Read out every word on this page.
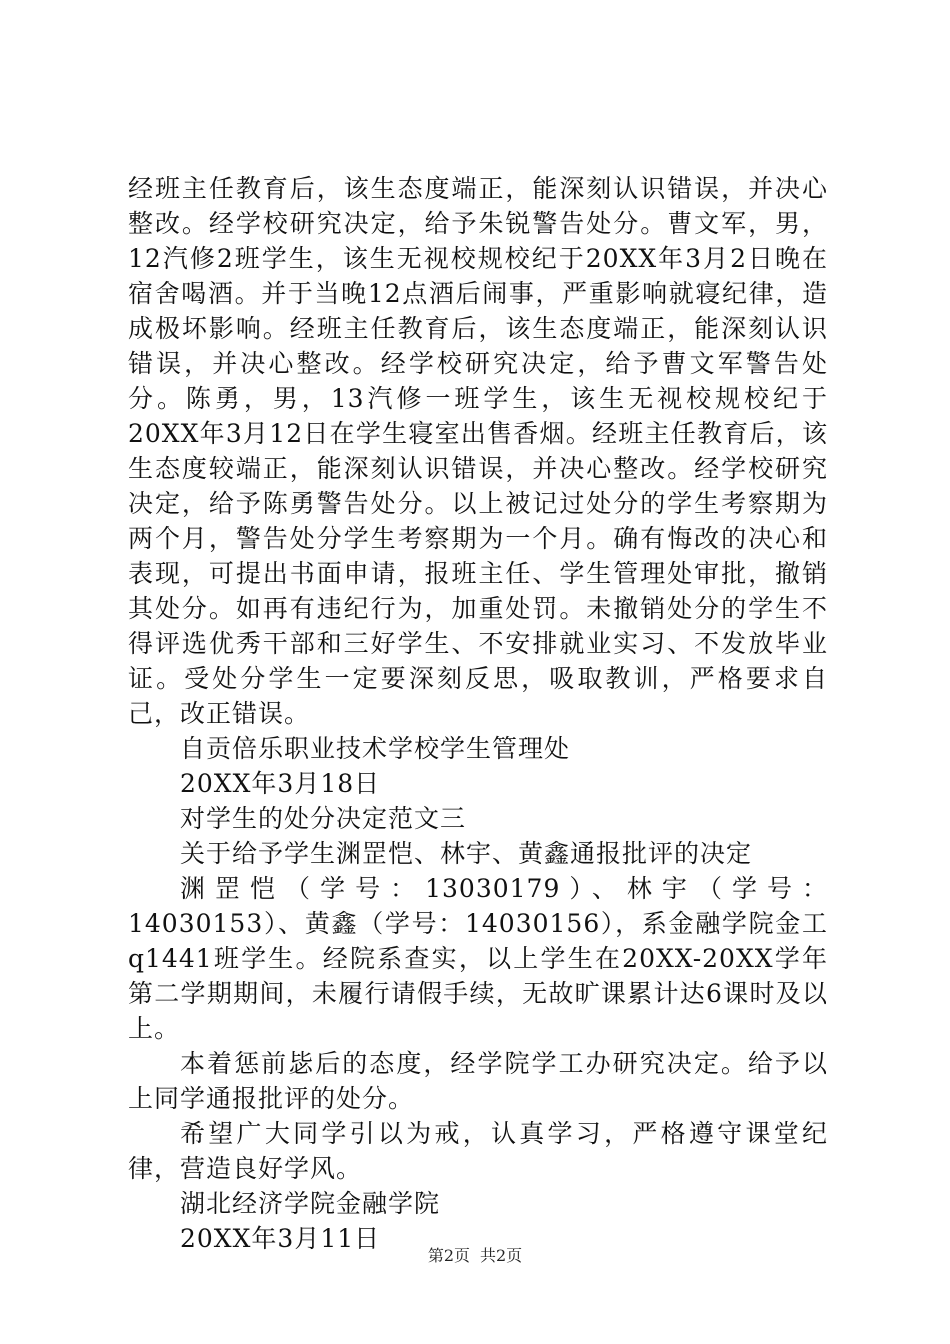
经班主任教育后，该生态度端正，能深刻认识错误，并决心整改。经学校研究决定，给予朱锐警告处分。曹文军，男，12汽修2班学生，该生无视校规校纪于20XX年3月2日晚在宿舍喝酒。并于当晚12点酒后闹事，严重影响就寝纪律，造成极坏影响。经班主任教育后，该生态度端正，能深刻认识错误，并决心整改。经学校研究决定，给予曹文军警告处分。陈勇，男，13汽修一班学生，该生无视校规校纪于20XX年3月12日在学生寝室出售香烟。经班主任教育后，该生态度较端正，能深刻认识错误，并决心整改。经学校研究决定，给予陈勇警告处分。以上被记过处分的学生考察期为两个月，警告处分学生考察期为一个月。确有悔改的决心和表现，可提出书面申请，报班主任、学生管理处审批，撤销其处分。如再有违纪行为，加重处罚。未撤销处分的学生不得评选优秀干部和三好学生、不安排就业实习、不发放毕业证。受处分学生一定要深刻反思，吸取教训，严格要求自己，改正错误。

自贡倍乐职业技术学校学生管理处

20XX年3月18日

对学生的处分决定范文三

关于给予学生渊罡恺、林宇、黄鑫通报批评的决定

渊罡恺（学号：13030179）、林宇（学号：14030153）、黄鑫（学号：14030156），系金融学院金工q1441班学生。经院系查实，以上学生在20XX-20XX学年第二学期期间，未履行请假手续，无故旷课累计达6课时及以上。

本着惩前毖后的态度，经学院学工办研究决定。给予以上同学通报批评的处分。

希望广大同学引以为戒，认真学习，严格遵守课堂纪律，营造良好学风。

湖北经济学院金融学院

20XX年3月11日

第2页 共2页
